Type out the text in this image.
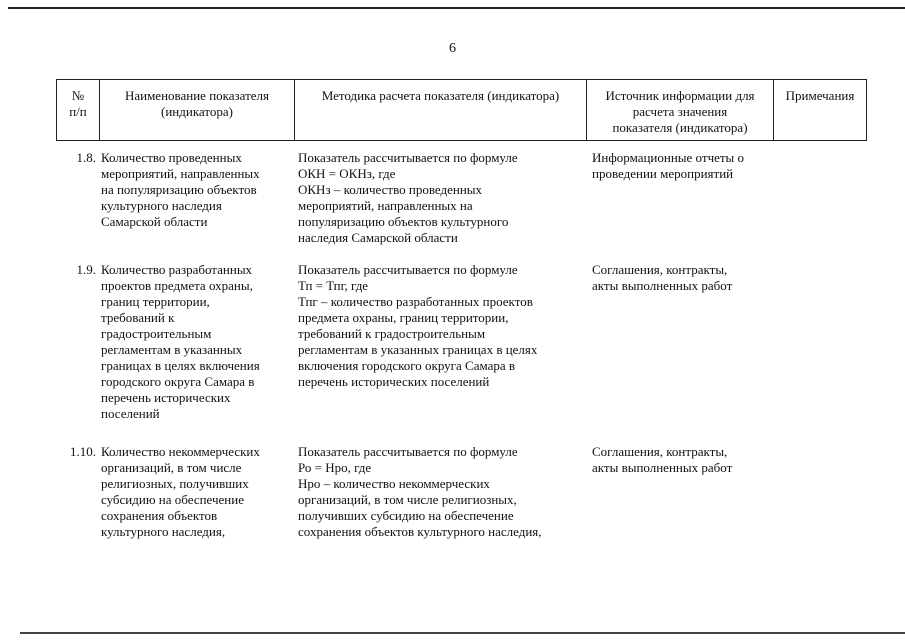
6
№
п/п
Наименование показателя
(индикатора)
Методика расчета показателя (индикатора)	Источник информации для
расчета значения
показателя (индикатора)
Примечания
1.8. Количество проведенных
мероприятий, направленных
на популяризацию объектов
культурного наследия
Самарской области
Показатель рассчитывается по формуле
ОКН = ОКНз, где
ОКНз – количество проведенных
мероприятий, направленных на
популяризацию объектов культурного
наследия Самарской области
Информационные отчеты о
проведении мероприятий
1.9. Количество разработанных
проектов предмета охраны,
границ территории,
требований к
градостроительным
регламентам в указанных
границах в целях включения
городского округа Самара в
перечень исторических
поселений
Показатель рассчитывается по формуле
Тп = Тпг, где
Тпг – количество разработанных проектов
предмета охраны, границ территории,
требований к градостроительным
регламентам в указанных границах в целях
включения городского округа Самара в
перечень исторических поселений
Соглашения, контракты,
акты выполненных работ
1.10. Количество некоммерческих
организаций, в том числе
религиозных, получивших
субсидию на обеспечение
сохранения объектов
культурного наследия,
Показатель рассчитывается по формуле
Ро = Нро, где
Нро – количество некоммерческих
организаций, в том числе религиозных,
получивших субсидию на обеспечение
сохранения объектов культурного наследия,
Соглашения, контракты,
акты выполненных работ
